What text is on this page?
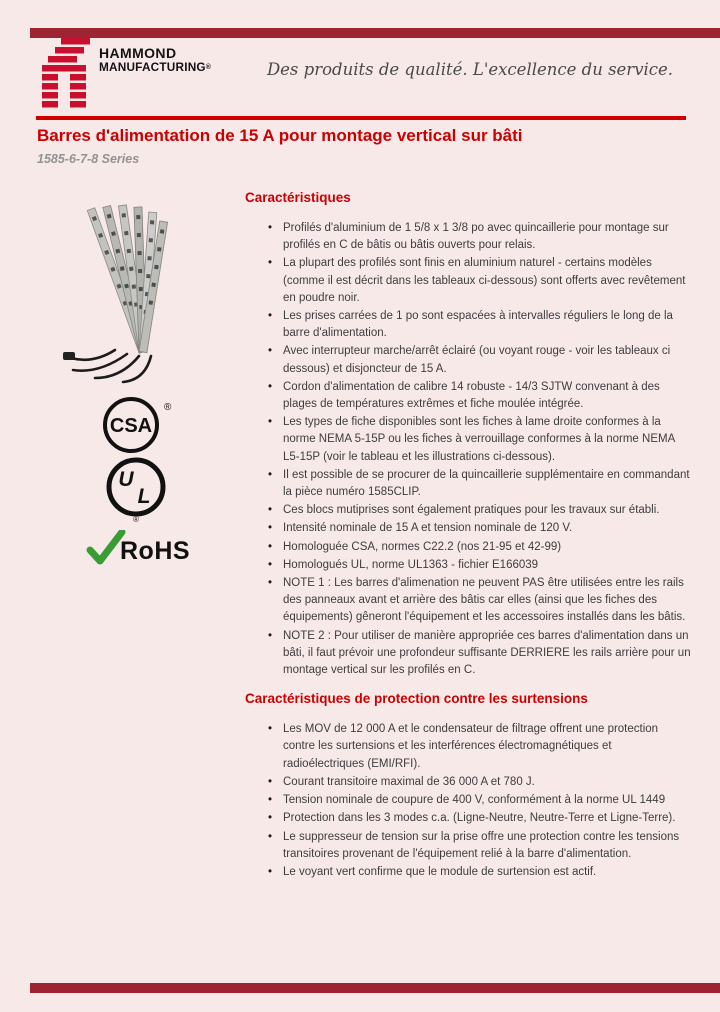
HAMMOND
MANUFACTURING®	Des produits de qualité. L'excellence du service.
Barres d'alimentation de 15 A pour montage vertical sur bâti
1585-6-7-8 Series
CSA
®
U
L
®
RoHS
Caractéristiques
• Profilés d'aluminium de 1 5/8 x 1 3/8 po avec quincaillerie pour montage sur profilés en C de bâtis ou bâtis ouverts pour relais.
• La plupart des profilés sont finis en aluminium naturel - certains modèles (comme il est décrit dans les tableaux ci-dessous) sont offerts avec revêtement en poudre noir.
• Les prises carrées de 1 po sont espacées à intervalles réguliers le long de la barre d'alimentation.
• Avec interrupteur marche/arrêt éclairé (ou voyant rouge - voir les tableaux ci dessous) et disjoncteur de 15 A.
• Cordon d'alimentation de calibre 14 robuste - 14/3 SJTW convenant à des plages de températures extrêmes et fiche moulée intégrée.
• Les types de fiche disponibles sont les fiches à lame droite conformes à la norme NEMA 5-15P ou les fiches à verrouillage conformes à la norme NEMA L5-15P (voir le tableau et les illustrations ci-dessous).
• Il est possible de se procurer de la quincaillerie supplémentaire en commandant la pièce numéro 1585CLIP.
• Ces blocs mutiprises sont également pratiques pour les travaux sur établi.
• Intensité nominale de 15 A et tension nominale de 120 V.
• Homologuée CSA, normes C22.2 (nos 21-95 et 42-99)
• Homologués UL, norme UL1363 - fichier E166039
• NOTE 1 : Les barres d'alimenation ne peuvent PAS être utilisées entre les rails des panneaux avant et arrière des bâtis car elles (ainsi que les fiches des équipements) gêneront l'équipement et les accessoires installés dans les bâtis.
• NOTE 2 : Pour utiliser de manière appropriée ces barres d'alimentation dans un bâti, il faut prévoir une profondeur suffisante DERRIERE les rails arrière pour un montage vertical sur les profilés en C.
Caractéristiques de protection contre les surtensions
• Les MOV de 12 000 A et le condensateur de filtrage offrent une protection contre les surtensions et les interférences électromagnétiques et radioélectriques (EMI/RFI).
• Courant transitoire maximal de 36 000 A et 780 J.
• Tension nominale de coupure de 400 V, conformément à la norme UL 1449
• Protection dans les 3 modes c.a. (Ligne-Neutre, Neutre-Terre et Ligne-Terre).
• Le suppresseur de tension sur la prise offre une protection contre les tensions transitoires provenant de l'équipement relié à la barre d'alimentation.
• Le voyant vert confirme que le module de surtension est actif.
